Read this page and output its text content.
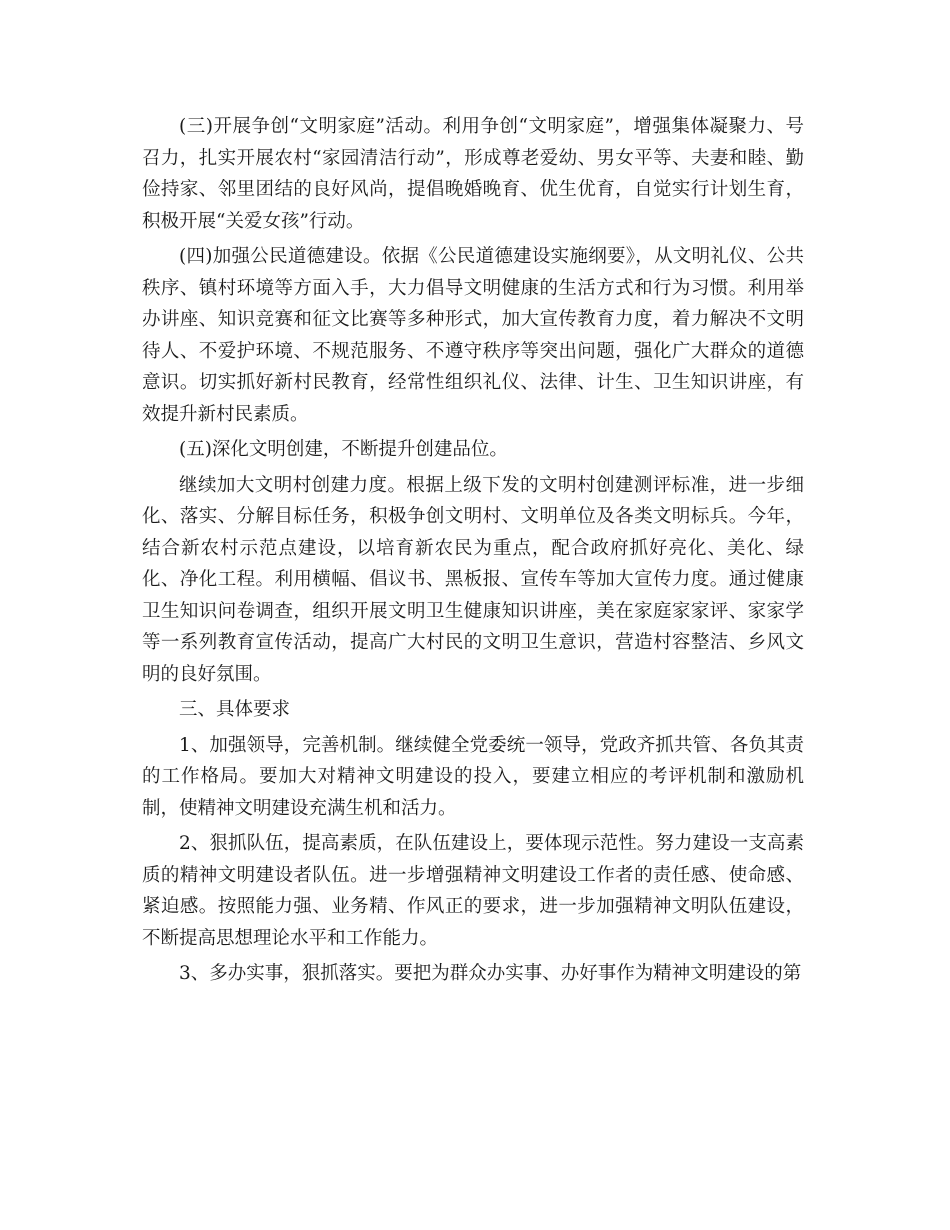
(三)开展争创“文明家庭”活动。利用争创“文明家庭”，增强集体凝聚力、号召力，扎实开展农村“家园清洁行动”，形成尊老爱幼、男女平等、夫妻和睦、勤俭持家、邻里团结的良好风尚，提倡晚婚晚育、优生优育，自觉实行计划生育，积极开展“关爱女孩”行动。

(四)加强公民道德建设。依据《公民道德建设实施纲要》，从文明礼仪、公共秩序、镇村环境等方面入手，大力倡导文明健康的生活方式和行为习惯。利用举办讲座、知识竞赛和征文比赛等多种形式，加大宣传教育力度，着力解决不文明待人、不爱护环境、不规范服务、不遵守秩序等突出问题，强化广大群众的道德意识。切实抓好新村民教育，经常性组织礼仪、法律、计生、卫生知识讲座，有效提升新村民素质。

(五)深化文明创建，不断提升创建品位。

继续加大文明村创建力度。根据上级下发的文明村创建测评标准，进一步细化、落实、分解目标任务，积极争创文明村、文明单位及各类文明标兵。今年，结合新农村示范点建设，以培育新农民为重点，配合政府抓好亮化、美化、绿化、净化工程。利用横幅、倡议书、黑板报、宣传车等加大宣传力度。通过健康卫生知识问卷调查，组织开展文明卫生健康知识讲座，美在家庭家家评、家家学等一系列教育宣传活动，提高广大村民的文明卫生意识，营造村容整洁、乡风文明的良好氛围。

三、具体要求

1、加强领导，完善机制。继续健全党委统一领导，党政齐抓共管、各负其责的工作格局。要加大对精神文明建设的投入，要建立相应的考评机制和激励机制，使精神文明建设充满生机和活力。

2、狠抓队伍，提高素质，在队伍建设上，要体现示范性。努力建设一支高素质的精神文明建设者队伍。进一步增强精神文明建设工作者的责任感、使命感、紧迫感。按照能力强、业务精、作风正的要求，进一步加强精神文明队伍建设，不断提高思想理论水平和工作能力。

3、多办实事，狠抓落实。要把为群众办实事、办好事作为精神文明建设的第
